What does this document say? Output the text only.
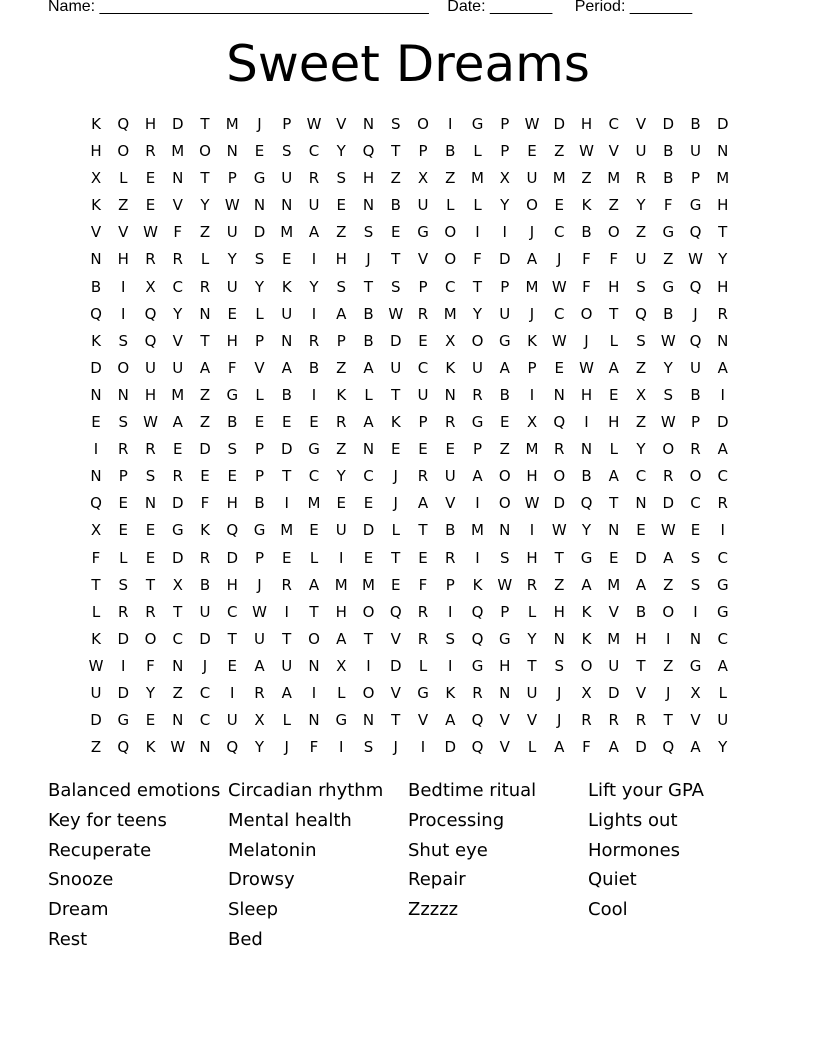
Name: _____________________________________ Date: _______ Period: _______
Sweet Dreams
K	Q H D	T	M	J	P	W V	N	S	O	I	G	P	W D H	C	V	D	B	D
H O	R	M O N	E	S	C	Y	Q	T	P	B	L	P	E	Z W V	U	B	U	N
X	L	E	N	T	P	G	U	R	S	H	Z	X	Z	M	X	U	M	Z	M	R	B	P	M
K	Z	E	V	Y	W N N	U	E	N	B	U	L	L	Y	O	E	K	Z	Y	F	G H
V	V W	F	Z	U	D M	A	Z	S	E	G O	I	I	J	C	B	O	Z	G Q	T
N H	R	R	L	Y	S	E	I	H	J	T	V	O	F	D	A	J	F	F	U	Z W	Y
B	I	X	C	R	U	Y	K	Y	S	T	S	P	C	T	P	M W	F	H	S	G Q H
Q	I	Q	Y	N	E	L	U	I	A	B W R	M	Y	U	J	C	O	T	Q	B	J	R
K	S	Q	V	T	H	P	N	R	P	B	D	E	X	O G	K W	J	L	S	W Q N
D O	U	U	A	F	V	A	B	Z	A	U	C	K	U	A	P	E	W A	Z	Y	U	A
N N H M	Z	G	L	B	I	K	L	T	U	N	R	B	I	N H	E	X	S	B	I
E	S	W A	Z	B	E	E	E	R	A	K	P	R	G	E	X	Q	I	H	Z W	P	D
I	R	R	E	D	S	P	D G	Z	N	E	E	E	P	Z	M	R	N	L	Y	O	R	A
N	P	S	R	E	E	P	T	C	Y	C	J	R	U	A	O H O	B	A	C	R	O	C
Q	E	N D	F	H	B	I	M	E	E	J	A	V	I	O W D Q	T	N D	C	R
X	E	E	G	K	Q G M	E	U	D	L	T	B	M N	I	W	Y	N	E	W	E	I
F	L	E	D	R	D	P	E	L	I	E	T	E	R	I	S	H	T	G	E	D	A	S	C
T	S	T	X	B	H	J	R	A	M M	E	F	P	K W R	Z	A	M	A	Z	S	G
L	R	R	T	U	C W	I	T	H O Q	R	I	Q	P	L	H	K	V	B	O	I	G
K	D O	C	D	T	U	T	O	A	T	V	R	S	Q G	Y	N	K	M H	I	N	C
W	I	F	N	J	E	A	U	N	X	I	D	L	I	G H	T	S	O	U	T	Z	G	A
U	D	Y	Z	C	I	R	A	I	L	O	V	G	K	R	N	U	J	X	D	V	J	X	L
D G	E	N	C	U	X	L	N G N	T	V	A	Q	V	V	J	R	R	R	T	V	U
Z	Q	K W N Q	Y	J	F	I	S	J	I	D Q	V	L	A	F	A	D Q	A	Y
Balanced emotions
Key for teens
Recuperate
Snooze
Dream
Rest
Circadian rhythm
Mental health
Melatonin
Drowsy
Sleep
Bed
Bedtime ritual
Processing
Shut eye
Repair
Zzzzz
Lift your GPA
Lights out
Hormones
Quiet
Cool
